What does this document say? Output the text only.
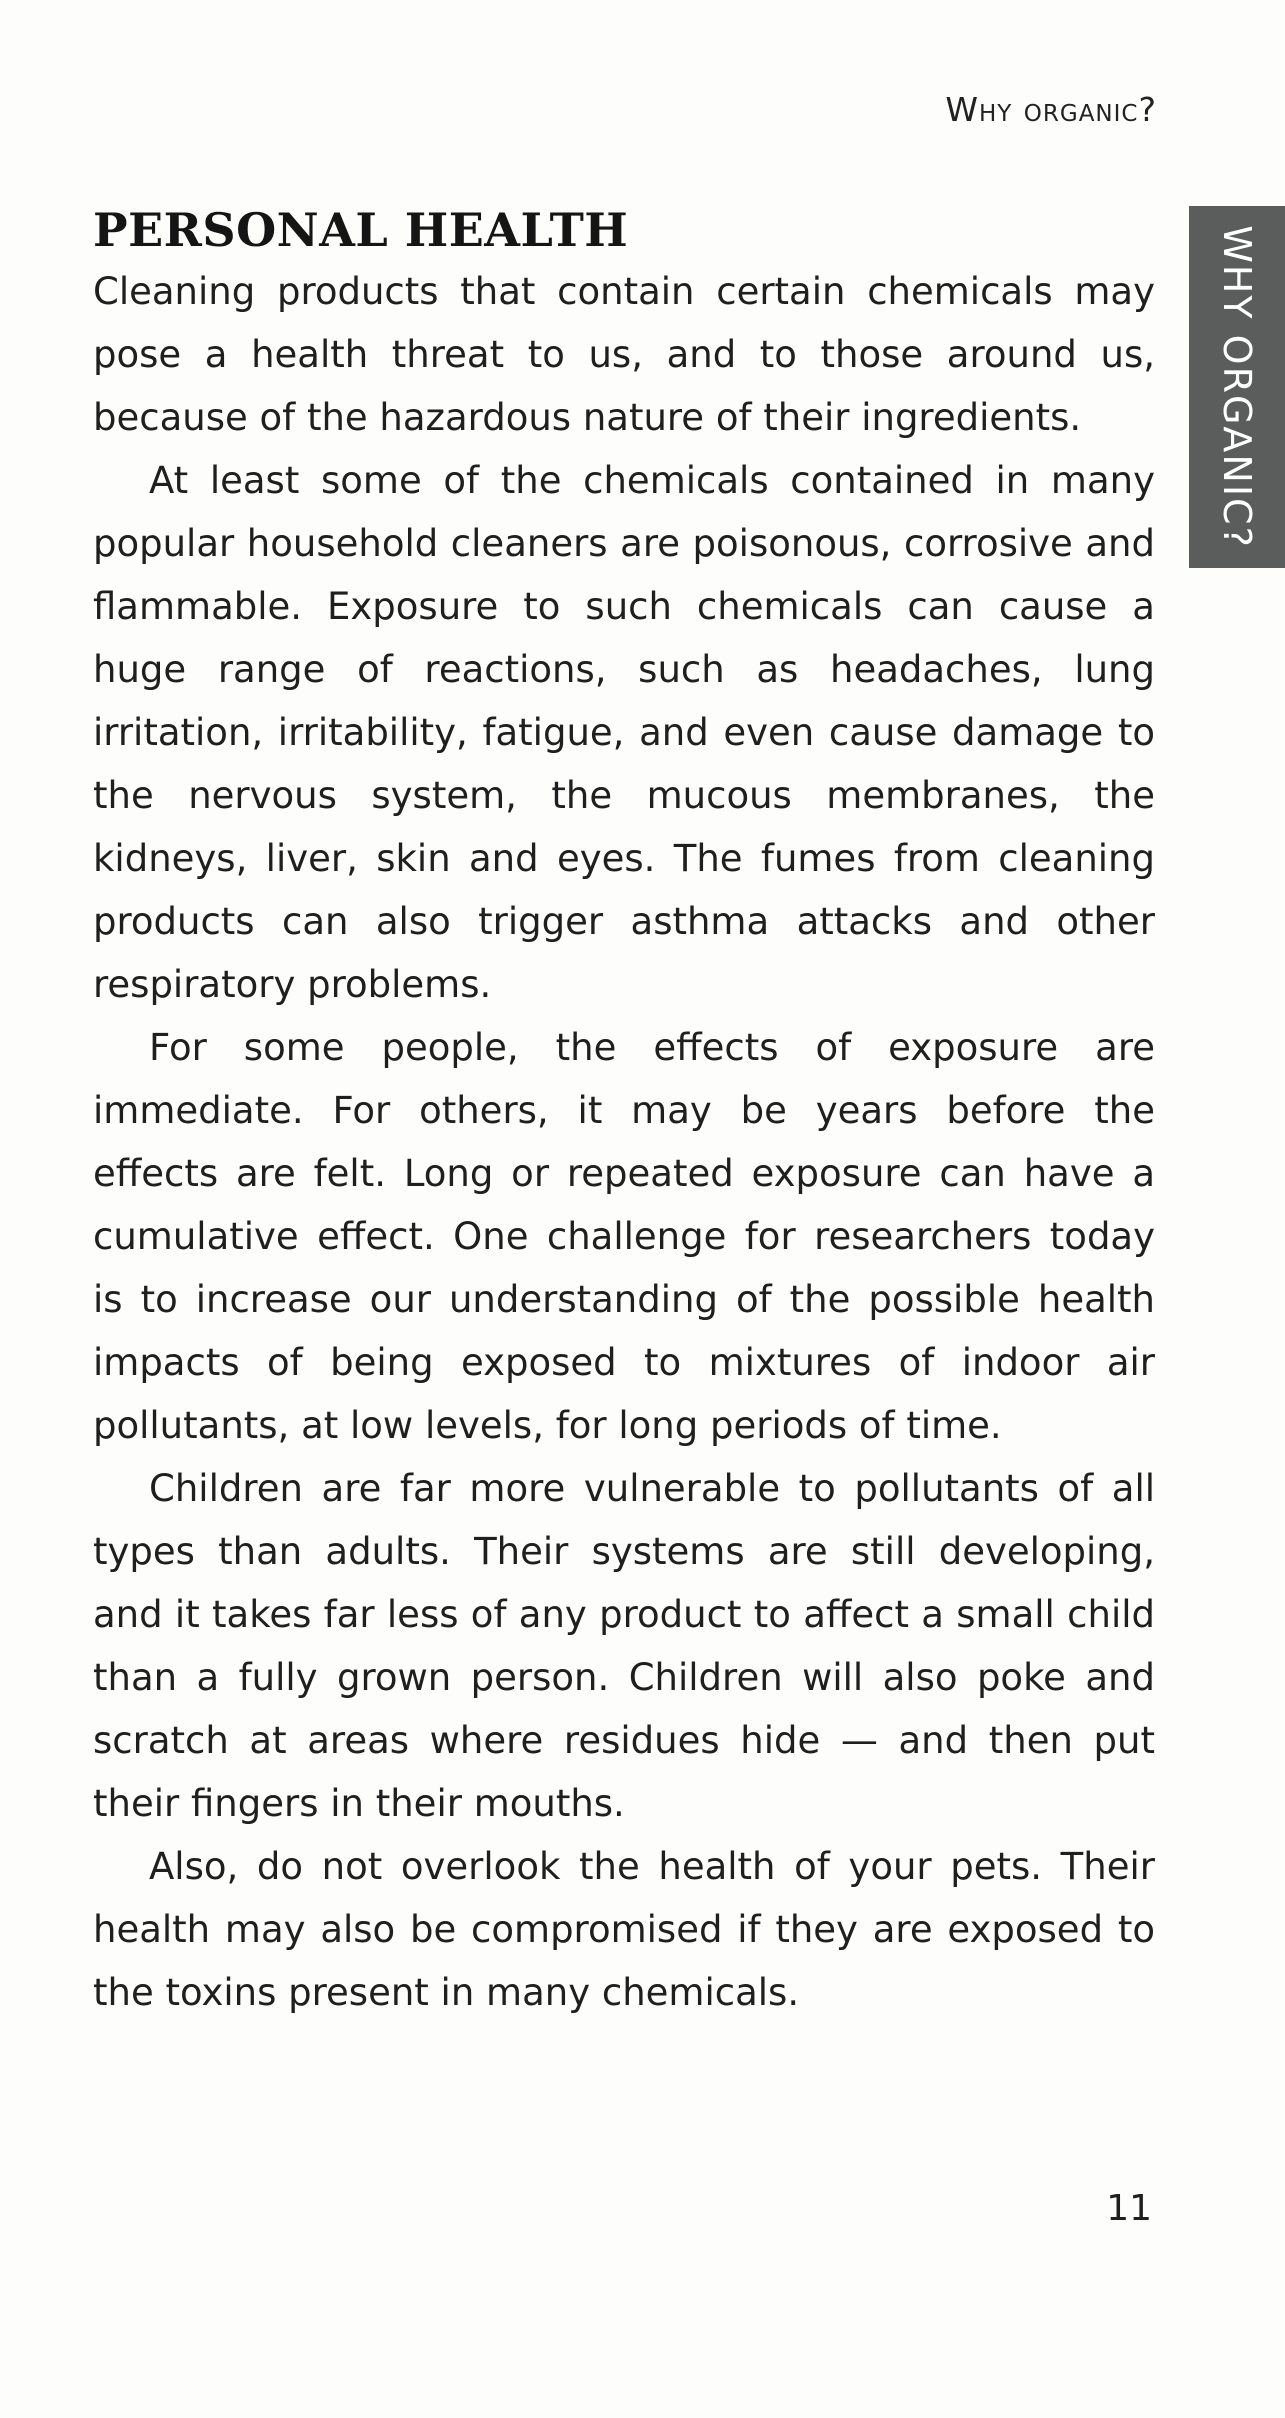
Why organic?
WHY ORGANIC?
PERSONAL HEALTH

Cleaning products that contain certain chemicals may pose a health threat to us, and to those around us, because of the hazardous nature of their ingredients.

At least some of the chemicals contained in many popular household cleaners are poisonous, corrosive and flammable. Exposure to such chemicals can cause a huge range of reactions, such as headaches, lung irritation, irritability, fatigue, and even cause damage to the nervous system, the mucous membranes, the kidneys, liver, skin and eyes. The fumes from cleaning products can also trigger asthma attacks and other respiratory problems.

For some people, the effects of exposure are immediate. For others, it may be years before the effects are felt. Long or repeated exposure can have a cumulative effect. One challenge for researchers today is to increase our understanding of the possible health impacts of being exposed to mixtures of indoor air pollutants, at low levels, for long periods of time.

Children are far more vulnerable to pollutants of all types than adults. Their systems are still developing, and it takes far less of any product to affect a small child than a fully grown person. Children will also poke and scratch at areas where residues hide — and then put their fingers in their mouths.

Also, do not overlook the health of your pets. Their health may also be compromised if they are exposed to the toxins present in many chemicals.

11
